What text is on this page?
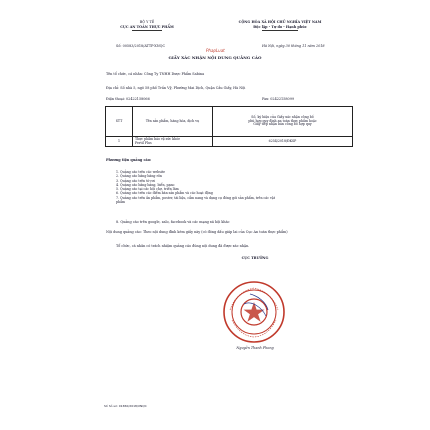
BỘ Y TẾ
CỤC AN TOÀN THỰC PHẨM
CỘNG HÒA XÃ HỘI CHỦ NGHĨA VIỆT NAM
Độc lập - Tự do - Hạnh phúc
Số: 00583/2018/ATTP-XNQC	Hà Nội, ngày 30 tháng 11 năm 2018
PhapLuat
GIẤY XÁC NHẬN NỘI DUNG QUẢNG CÁO
Tên tổ chức, cá nhân: Công Ty TNHH Dược Phẩm Sabina
Địa chỉ: Số nhà 5, ngõ 58 phố Trần Vỹ, Phường Mai Dịch, Quận Cầu Giấy, Hà Nội
Điện thoại: 02422158066	Fax: 02422158099
STT	Tên sản phẩm, hàng hóa, dịch vụ	Số, ký hiệu của Giấy xác nhận công bố
phù hợp quy định an toàn thực phẩm hoặc
Giấy tiếp nhận bản công bố hợp quy

1	Thực phẩm bảo vệ sức khỏe
Fertil Plus	6254/2018/ĐKSP
Phương tiện quảng cáo:
1. Quảng cáo trên các website
2. Quảng cáo bằng băng rôn
3. Quảng cáo trên tờ rơi
4. Quảng cáo bằng bảng, biển, pano
5. Quảng cáo tại các hội chợ, triển lãm
6. Quảng cáo trên các điểm bán sản phẩm và các hoạt động
7. Quảng cáo trên ấn phẩm, poster, tài liệu, cẩm nang và dụng cụ đóng gói sản phẩm, trên các vật
phẩm
8. Quảng cáo trên google, zalo, facebook và các mạng xã hội khác
Nội dung quảng cáo: Theo nội dung đính kèm giấy này (có đóng dấu giáp lai của Cục An toàn thực phẩm)
Tổ chức, cá nhân có trách nhiệm quảng cáo đúng nội dung đã được xác nhận.
CỤC TRƯỞNG
Nguyễn Thanh Phong
Số hồ sơ: 01650/2018/XNQC
